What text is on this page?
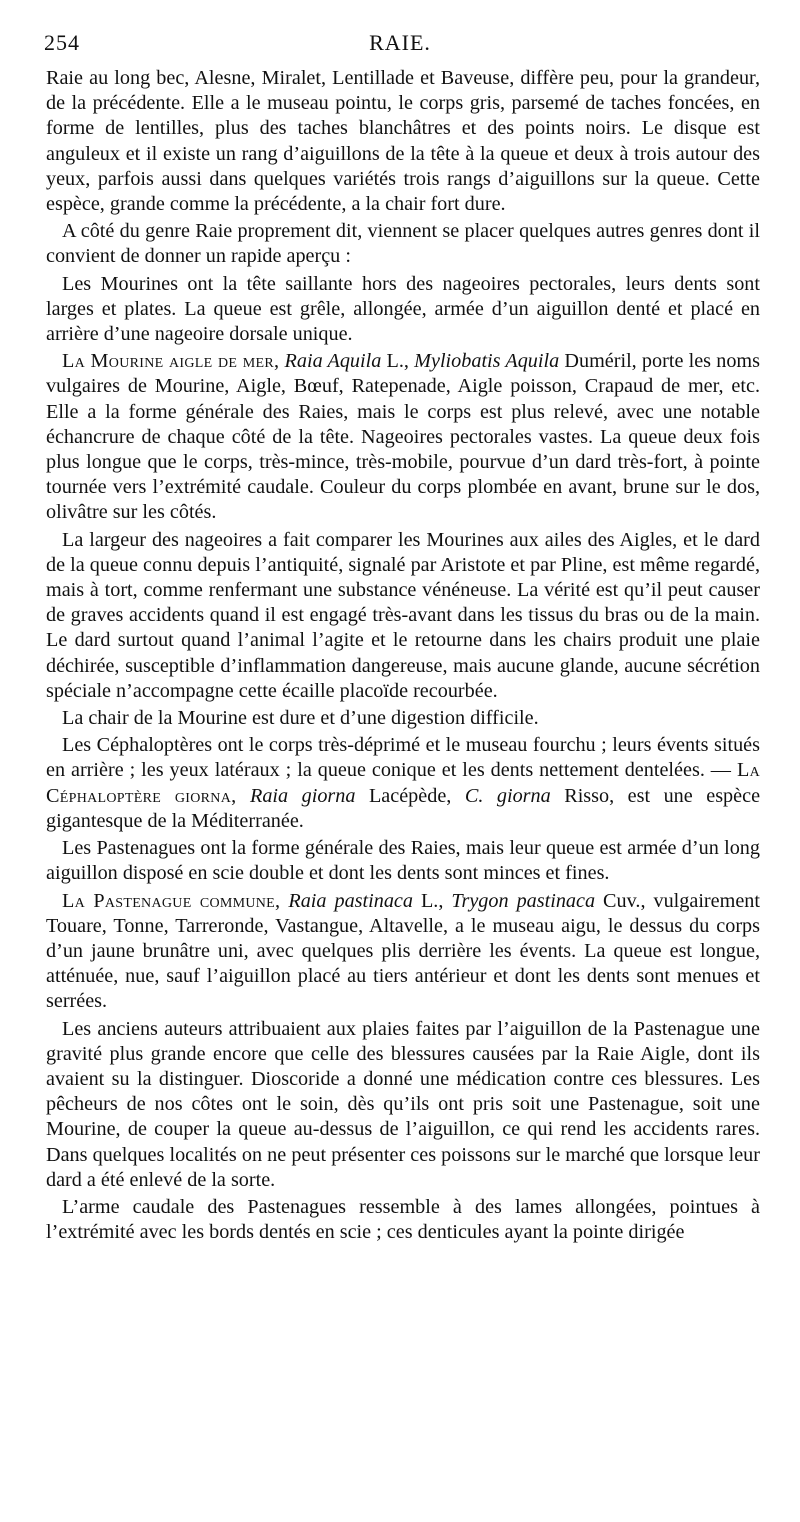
254	RAIE.

Raie au long bec, Alesne, Miralet, Lentillade et Baveuse, diffère peu, pour la grandeur, de la précédente. Elle a le museau pointu, le corps gris, parsemé de taches foncées, en forme de lentilles, plus des taches blanchâtres et des points noirs. Le disque est anguleux et il existe un rang d’aiguillons de la tête à la queue et deux à trois autour des yeux, parfois aussi dans quelques variétés trois rangs d’aiguillons sur la queue. Cette espèce, grande comme la précédente, a la chair fort dure.

A côté du genre Raie proprement dit, viennent se placer quelques autres genres dont il convient de donner un rapide aperçu :

Les Mourines ont la tête saillante hors des nageoires pectorales, leurs dents sont larges et plates. La queue est grêle, allongée, armée d’un aiguillon denté et placé en arrière d’une nageoire dorsale unique.

La Mourine aigle de mer, Raia Aquila L., Myliobatis Aquila Duméril, porte les noms vulgaires de Mourine, Aigle, Bœuf, Ratepenade, Aigle poisson, Crapaud de mer, etc. Elle a la forme générale des Raies, mais le corps est plus relevé, avec une notable échancrure de chaque côté de la tête. Nageoires pectorales vastes. La queue deux fois plus longue que le corps, très-mince, très-mobile, pourvue d’un dard très-fort, à pointe tournée vers l’extrémité caudale. Couleur du corps plombée en avant, brune sur le dos, olivâtre sur les côtés.

La largeur des nageoires a fait comparer les Mourines aux ailes des Aigles, et le dard de la queue connu depuis l’antiquité, signalé par Aristote et par Pline, est même regardé, mais à tort, comme renfermant une substance vénéneuse. La vérité est qu’il peut causer de graves accidents quand il est engagé très-avant dans les tissus du bras ou de la main. Le dard surtout quand l’animal l’agite et le retourne dans les chairs produit une plaie déchirée, susceptible d’inflammation dangereuse, mais aucune glande, aucune sécrétion spéciale n’accompagne cette écaille placoïde recourbée.

La chair de la Mourine est dure et d’une digestion difficile.

Les Céphaloptères ont le corps très-déprimé et le museau fourchu ; leurs évents situés en arrière ; les yeux latéraux ; la queue conique et les dents nettement dentelées. — La Céphaloptère giorna, Raia giorna Lacépède, C. giorna Risso, est une espèce gigantesque de la Méditerranée.

Les Pastenagues ont la forme générale des Raies, mais leur queue est armée d’un long aiguillon disposé en scie double et dont les dents sont minces et fines.

La Pastenague commune, Raia pastinaca L., Trygon pastinaca Cuv., vulgairement Touare, Tonne, Tarreronde, Vastangue, Altavelle, a le museau aigu, le dessus du corps d’un jaune brunâtre uni, avec quelques plis derrière les évents. La queue est longue, atténuée, nue, sauf l’aiguillon placé au tiers antérieur et dont les dents sont menues et serrées.

Les anciens auteurs attribuaient aux plaies faites par l’aiguillon de la Pastenague une gravité plus grande encore que celle des blessures causées par la Raie Aigle, dont ils avaient su la distinguer. Dioscoride a donné une médication contre ces blessures. Les pêcheurs de nos côtes ont le soin, dès qu’ils ont pris soit une Pastenague, soit une Mourine, de couper la queue au-dessus de l’aiguillon, ce qui rend les accidents rares. Dans quelques localités on ne peut présenter ces poissons sur le marché que lorsque leur dard a été enlevé de la sorte.

L’arme caudale des Pastenagues ressemble à des lames allongées, pointues à l’extrémité avec les bords dentés en scie ; ces denticules ayant la pointe dirigée
